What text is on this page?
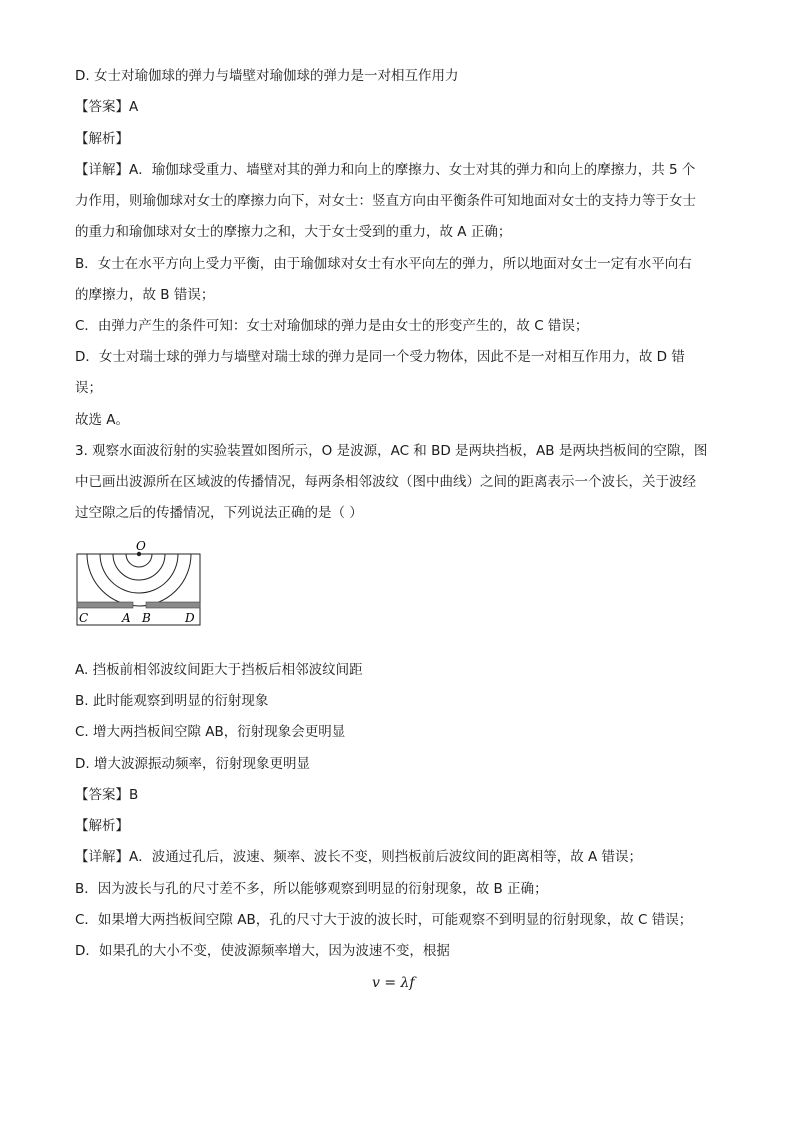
D. 女士对瑜伽球的弹力与墙壁对瑜伽球的弹力是一对相互作用力
【答案】A
【解析】
【详解】A．瑜伽球受重力、墙壁对其的弹力和向上的摩擦力、女士对其的弹力和向上的摩擦力，共 5 个
力作用，则瑜伽球对女士的摩擦力向下，对女士：竖直方向由平衡条件可知地面对女士的支持力等于女士
的重力和瑜伽球对女士的摩擦力之和，大于女士受到的重力，故 A 正确；
B．女士在水平方向上受力平衡，由于瑜伽球对女士有水平向左的弹力，所以地面对女士一定有水平向右
的摩擦力，故 B 错误；
C．由弹力产生的条件可知：女士对瑜伽球的弹力是由女士的形变产生的，故 C 错误；
D．女士对瑞士球的弹力与墙壁对瑞士球的弹力是同一个受力物体，因此不是一对相互作用力，故 D 错
误；
故选 A。
3. 观察水面波衍射的实验装置如图所示，O 是波源，AC 和 BD 是两块挡板，AB 是两块挡板间的空隙，图
中已画出波源所在区域波的传播情况，每两条相邻波纹（图中曲线）之间的距离表示一个波长，关于波经
过空隙之后的传播情况，下列说法正确的是（ ）
O
C	A B	D
A. 挡板前相邻波纹间距大于挡板后相邻波纹间距
B. 此时能观察到明显的衍射现象
C. 增大两挡板间空隙 AB，衍射现象会更明显
D. 增大波源振动频率，衍射现象更明显
【答案】B
【解析】
【详解】A．波通过孔后，波速、频率、波长不变，则挡板前后波纹间的距离相等，故 A 错误；
B．因为波长与孔的尺寸差不多，所以能够观察到明显的衍射现象，故 B 正确；
C．如果增大两挡板间空隙 AB，孔的尺寸大于波的波长时，可能观察不到明显的衍射现象，故 C 错误；
D．如果孔的大小不变，使波源频率增大，因为波速不变，根据
v = λf
